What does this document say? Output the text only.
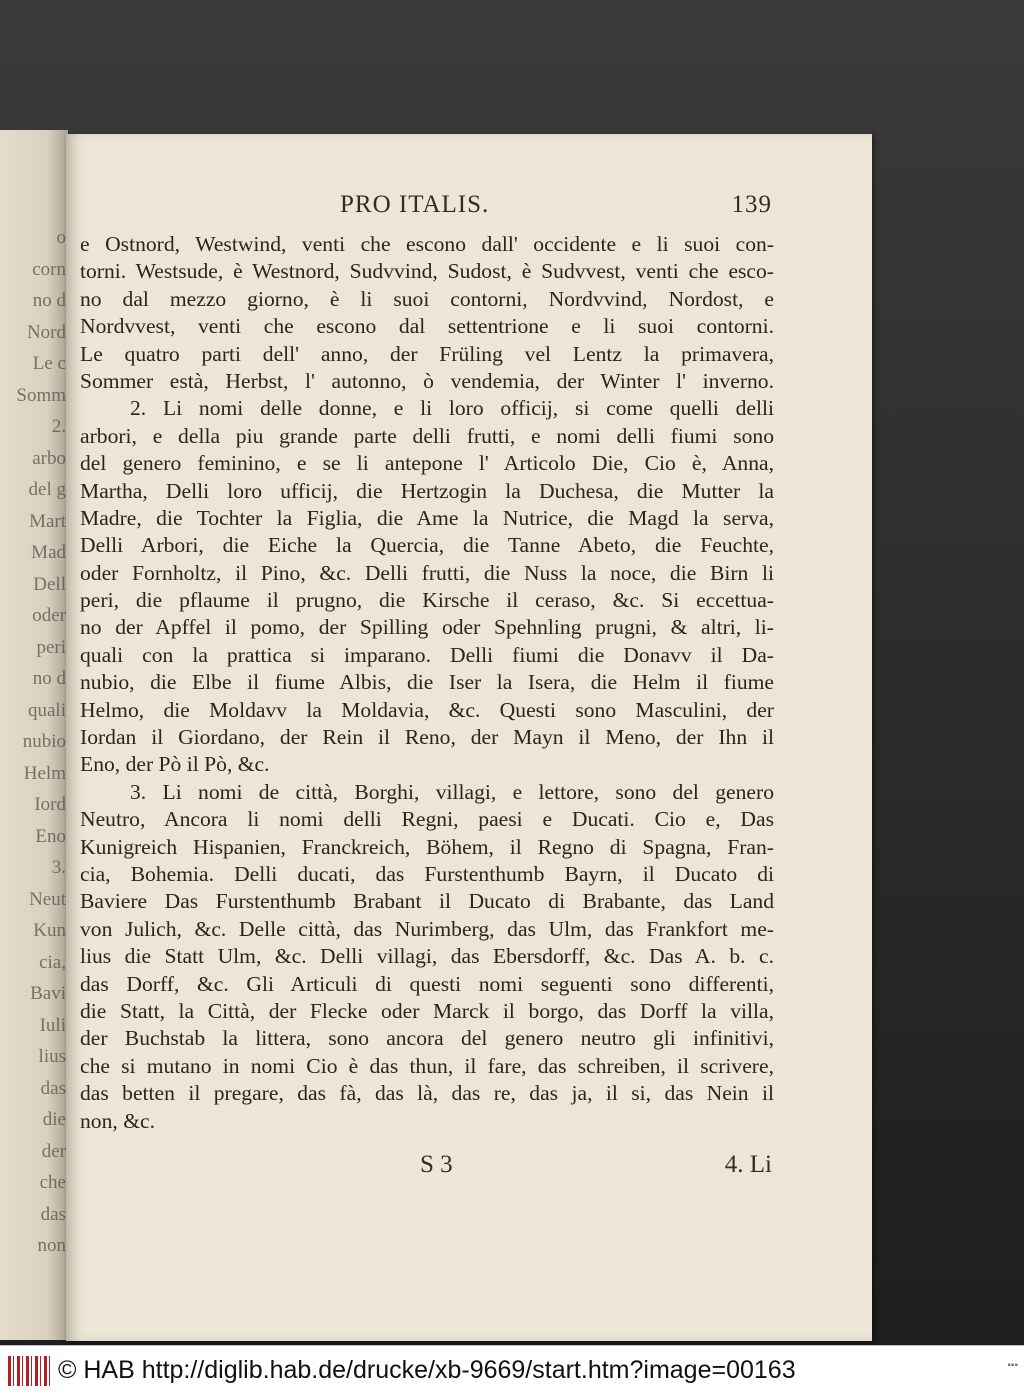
o
corn
no d
Nord
Le c
Somm
2.
arbo
del g
Mart
Mad
Dell
oder
peri
no d
quali
nubio
Helm
Iord
Eno
3.
Neut
Kun
cia,
Bavi
Iuli
lius
das
die
der
che
das
non
PRO ITALIS.	139
e Ostnord, Westwind, venti che escono dall' occidente e li suoi con-
torni. Westsude, è Westnord, Sudvvind, Sudost, è Sudvvest, venti che esco-
no dal mezzo giorno, è li suoi contorni, Nordvvind, Nordost, e
Nordvvest, venti che escono dal settentrione e li suoi contorni.
Le quatro parti dell' anno, der Früling vel Lentz la primavera,
Sommer està, Herbst, l' autonno, ò vendemia, der Winter l' inverno.
2. Li nomi delle donne, e li loro officij, si come quelli delli
arbori, e della piu grande parte delli frutti, e nomi delli fiumi sono
del genero feminino, e se li antepone l' Articolo Die, Cio è, Anna,
Martha, Delli loro ufficij, die Hertzogin la Duchesa, die Mutter la
Madre, die Tochter la Figlia, die Ame la Nutrice, die Magd la serva,
Delli Arbori, die Eiche la Quercia, die Tanne Abeto, die Feuchte,
oder Fornholtz, il Pino, &c. Delli frutti, die Nuss la noce, die Birn li
peri, die pflaume il prugno, die Kirsche il ceraso, &c. Si eccettua-
no der Apffel il pomo, der Spilling oder Spehnling prugni, & altri, li-
quali con la prattica si imparano. Delli fiumi die Donavv il Da-
nubio, die Elbe il fiume Albis, die Iser la Isera, die Helm il fiume
Helmo, die Moldavv la Moldavia, &c. Questi sono Masculini, der
Iordan il Giordano, der Rein il Reno, der Mayn il Meno, der Ihn il
Eno, der Pò il Pò, &c.
3. Li nomi de città, Borghi, villagi, e lettore, sono del genero
Neutro, Ancora li nomi delli Regni, paesi e Ducati. Cio e, Das
Kunigreich Hispanien, Franckreich, Böhem, il Regno di Spagna, Fran-
cia, Bohemia. Delli ducati, das Furstenthumb Bayrn, il Ducato di
Baviere Das Furstenthumb Brabant il Ducato di Brabante, das Land
von Julich, &c. Delle città, das Nurimberg, das Ulm, das Frankfort me-
lius die Statt Ulm, &c. Delli villagi, das Ebersdorff, &c. Das A. b. c.
das Dorff, &c. Gli Articuli di questi nomi seguenti sono differenti,
die Statt, la Città, der Flecke oder Marck il borgo, das Dorff la villa,
der Buchstab la littera, sono ancora del genero neutro gli infinitivi,
che si mutano in nomi Cio è das thun, il fare, das schreiben, il scrivere,
das betten il pregare, das fà, das là, das re, das ja, il si, das Nein il
non, &c.
S 3	4. Li
© HAB http://diglib.hab.de/drucke/xb-9669/start.htm?image=00163	▪▪▪
